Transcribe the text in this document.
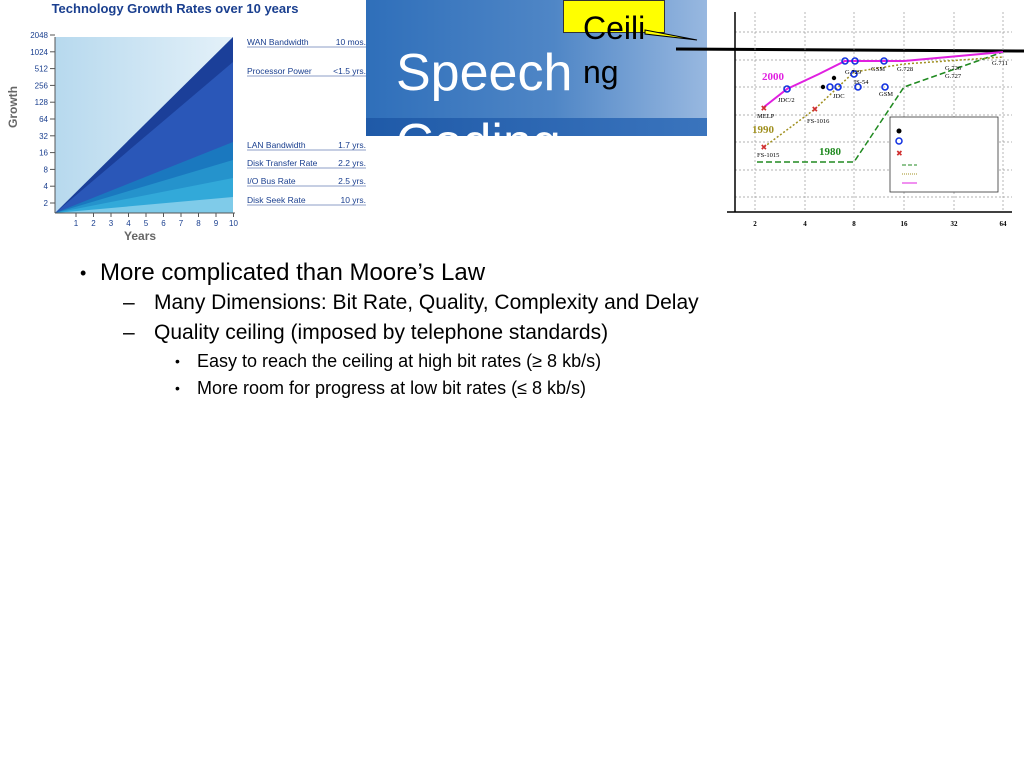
2048
1024
512
256
128
64
32
16
8
4
2
1 2 3 4 5 6 7 8 9 10
WAN Bandwidth	10 mos.
Processor Power	<1.5 yrs.
LAN Bandwidth	1.7 yrs.
Disk Transfer Rate 2.2 yrs.
I/O Bus Rate	2.5 yrs.
Disk Seek Rate	10 yrs.
Technology Growth Rates over 10 years
Growth
Years
Speech Coding
Ceiling
2	4	8	16	32	64
✖	✖
✖
2000
1990
1980
G.729	G.728
G.727
G.726
G.711
GSM
FS-1016
FS-1015
MELP
JDC/2
IS-54
JDC	GSM
✖
• More complicated than Moore’s Law
– Many Dimensions: Bit Rate, Quality, Complexity and Delay
– Quality ceiling (imposed by telephone standards)
• Easy to reach the ceiling at high bit rates (≥ 8 kb/s)
• More room for progress at low bit rates (≤ 8 kb/s)
